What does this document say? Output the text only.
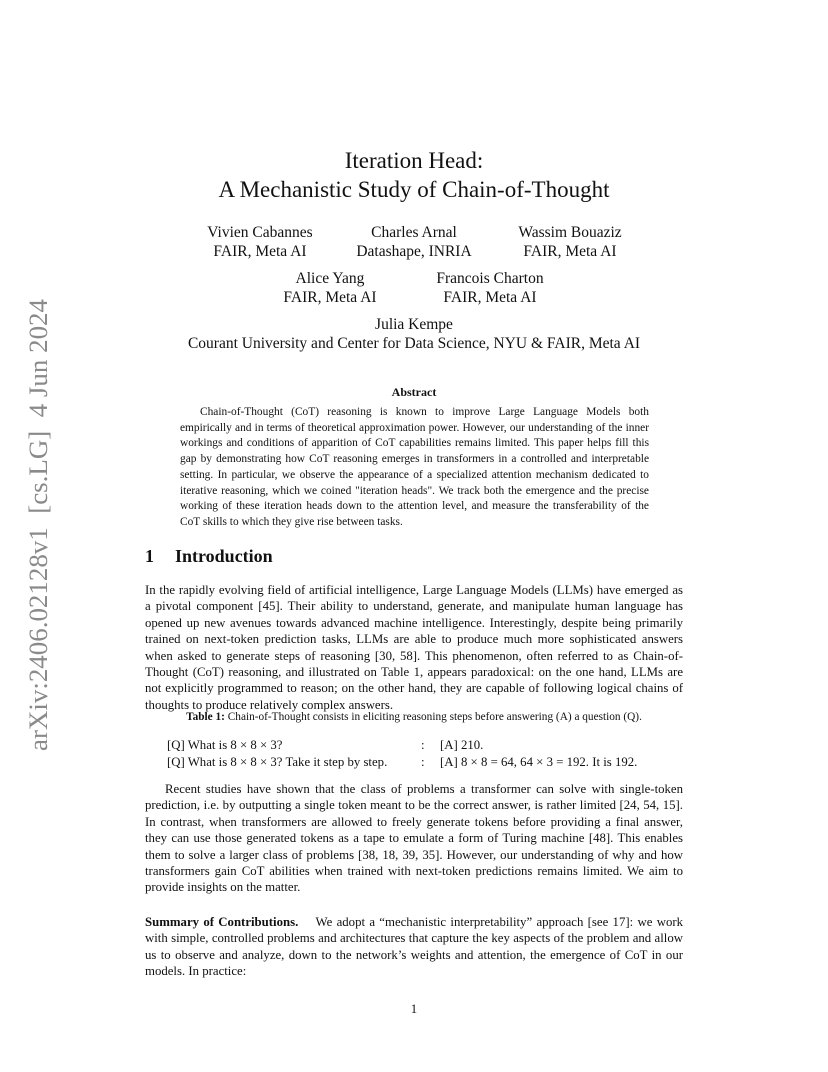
arXiv:2406.02128v1  [cs.LG]  4 Jun 2024
Iteration Head:
A Mechanistic Study of Chain-of-Thought
Vivien Cabannes
FAIR, Meta AI
Charles Arnal
Datashape, INRIA
Wassim Bouaziz
FAIR, Meta AI
Alice Yang
FAIR, Meta AI
Francois Charton
FAIR, Meta AI
Julia Kempe
Courant University and Center for Data Science, NYU & FAIR, Meta AI
Abstract

Chain-of-Thought (CoT) reasoning is known to improve Large Language Models both empirically and in terms of theoretical approximation power. However, our understanding of the inner workings and conditions of apparition of CoT capabilities remains limited. This paper helps fill this gap by demonstrating how CoT reasoning emerges in transformers in a controlled and interpretable setting. In particular, we observe the appearance of a specialized attention mechanism dedicated to iterative reasoning, which we coined "iteration heads". We track both the emergence and the precise working of these iteration heads down to the attention level, and measure the transferability of the CoT skills to which they give rise between tasks.

1 Introduction

In the rapidly evolving field of artificial intelligence, Large Language Models (LLMs) have emerged as a pivotal component [45]. Their ability to understand, generate, and manipulate human language has opened up new avenues towards advanced machine intelligence. Interestingly, despite being primarily trained on next-token prediction tasks, LLMs are able to produce much more sophisticated answers when asked to generate steps of reasoning [30, 58]. This phenomenon, often referred to as Chain-of-Thought (CoT) reasoning, and illustrated on Table 1, appears paradoxical: on the one hand, LLMs are not explicitly programmed to reason; on the other hand, they are capable of following logical chains of thoughts to produce relatively complex answers.

Table 1: Chain-of-Thought consists in eliciting reasoning steps before answering (A) a question (Q).
[Q] What is 8 × 8 × 3?	:	[A] 210.
[Q] What is 8 × 8 × 3? Take it step by step.	:	[A] 8 × 8 = 64, 64 × 3 = 192. It is 192.

Recent studies have shown that the class of problems a transformer can solve with single-token prediction, i.e. by outputting a single token meant to be the correct answer, is rather limited [24, 54, 15]. In contrast, when transformers are allowed to freely generate tokens before providing a final answer, they can use those generated tokens as a tape to emulate a form of Turing machine [48]. This enables them to solve a larger class of problems [38, 18, 39, 35]. However, our understanding of why and how transformers gain CoT abilities when trained with next-token predictions remains limited. We aim to provide insights on the matter.

Summary of Contributions. We adopt a “mechanistic interpretability” approach [see 17]: we work with simple, controlled problems and architectures that capture the key aspects of the problem and allow us to observe and analyze, down to the network’s weights and attention, the emergence of CoT in our models. In practice:

1
